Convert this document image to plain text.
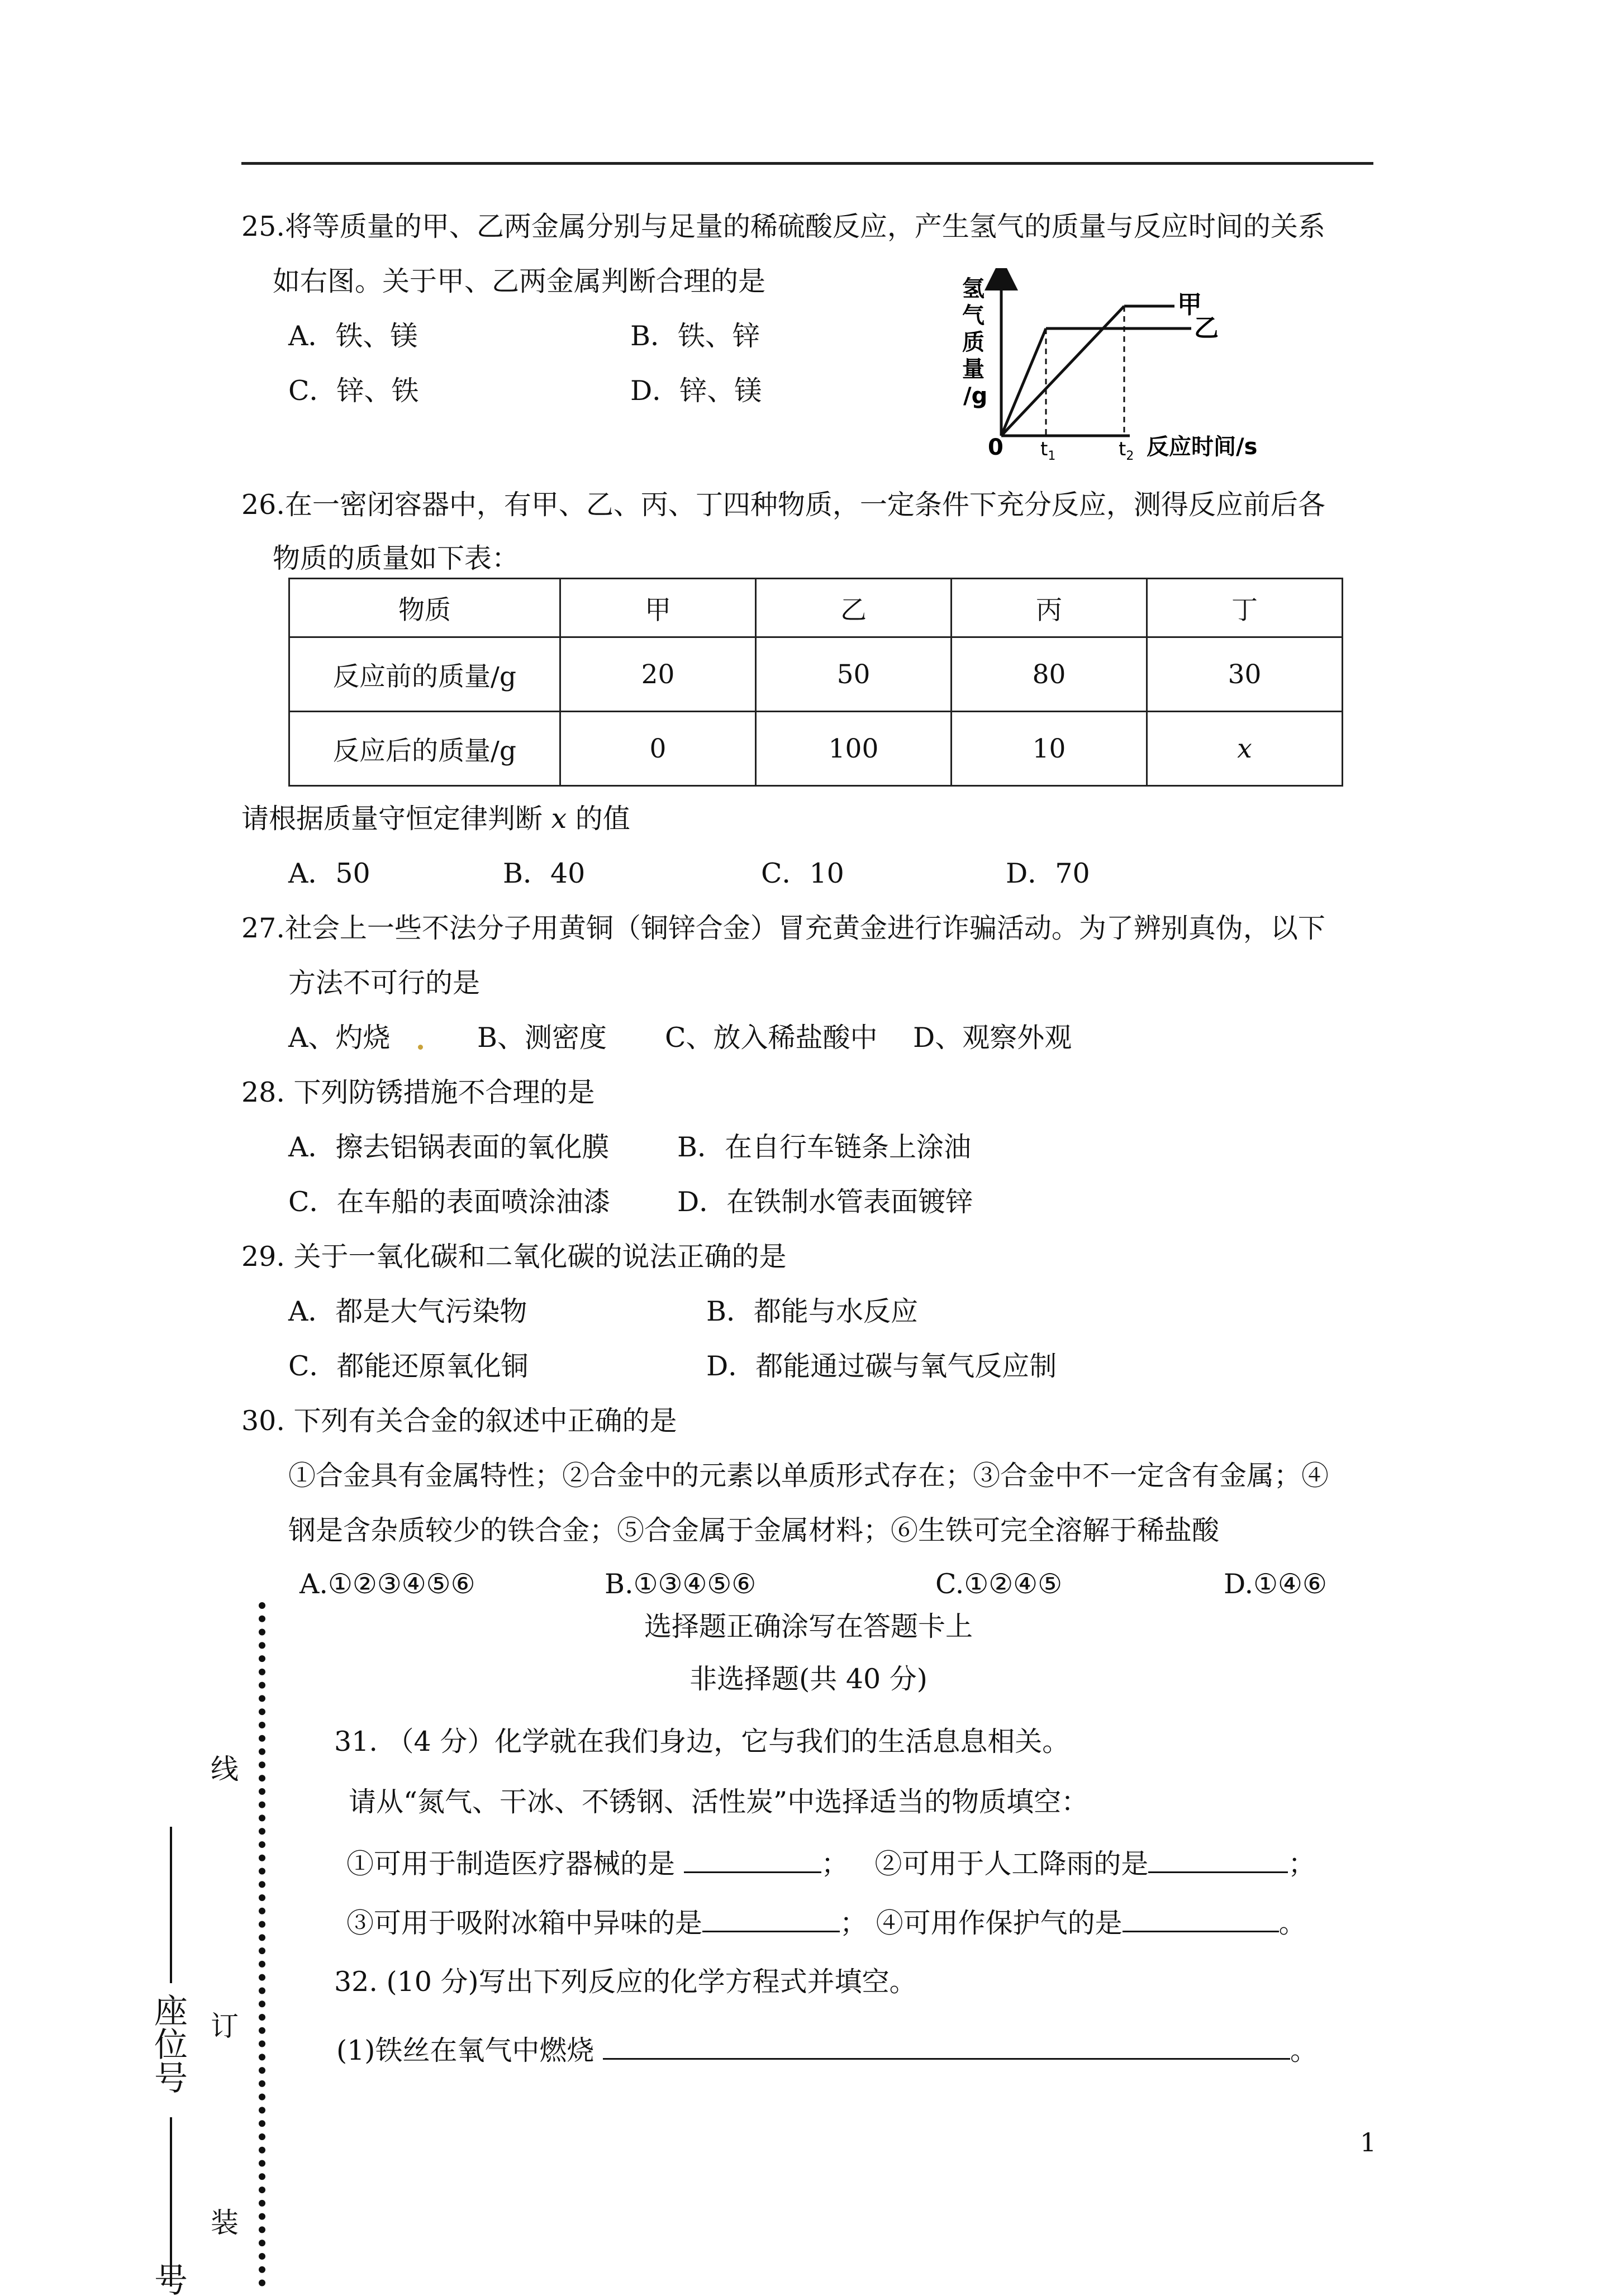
25.将等质量的甲、乙两金属分别与足量的稀硫酸反应，产生氢气的质量与反应时间的关系
如右图。关于甲、乙两金属判断合理的是
A．铁、镁	B．铁、锌
C．锌、铁	D．锌、镁
甲
乙
氢
气
质
量
/g
0 $t_1$	$t_2$ 反应时间/s
26.在一密闭容器中，有甲、乙、丙、丁四种物质，一定条件下充分反应，测得反应前后各
物质的质量如下表：
物质	甲	乙	丙	丁
反应前的质量/g	20	50	80	30
反应后的质量/g	0	100	10	x
请根据质量守恒定律判断 x 的值
A．50	B．40	C．10	D．70
27.社会上一些不法分子用黄铜（铜锌合金）冒充黄金进行诈骗活动。为了辨别真伪，以下
方法不可行的是
A、灼烧	B、测密度 C、放入稀盐酸中 D、观察外观
28. 下列防锈措施不合理的是
A．擦去铝锅表面的氧化膜 B．在自行车链条上涂油
C．在车船的表面喷涂油漆 D．在铁制水管表面镀锌
29. 关于一氧化碳和二氧化碳的说法正确的是
A．都是大气污染物	B．都能与水反应
C．都能还原氧化铜	D．都能通过碳与氧气反应制
30. 下列有关合金的叙述中正确的是
①合金具有金属特性；②合金中的元素以单质形式存在；③合金中不一定含有金属；④
钢是含杂质较少的铁合金；⑤合金属于金属材料；⑥生铁可完全溶解于稀盐酸
A.①②③④⑤⑥	B.①③④⑤⑥	C.①②④⑤	D.①④⑥
选择题正确涂写在答题卡上
非选择题(共 40 分)
31. （4 分）化学就在我们身边，它与我们的生活息息相关。
请从“氮气、干冰、不锈钢、活性炭”中选择适当的物质填空：
①可用于制造医疗器械的是	； ②可用于人工降雨的是	；
③可用于吸附冰箱中异味的是	； ④可用作保护气的是	。
32. (10 分)写出下列反应的化学方程式并填空。
(1)铁丝在氧气中燃烧	。
线
订
装
座位号
号
1
